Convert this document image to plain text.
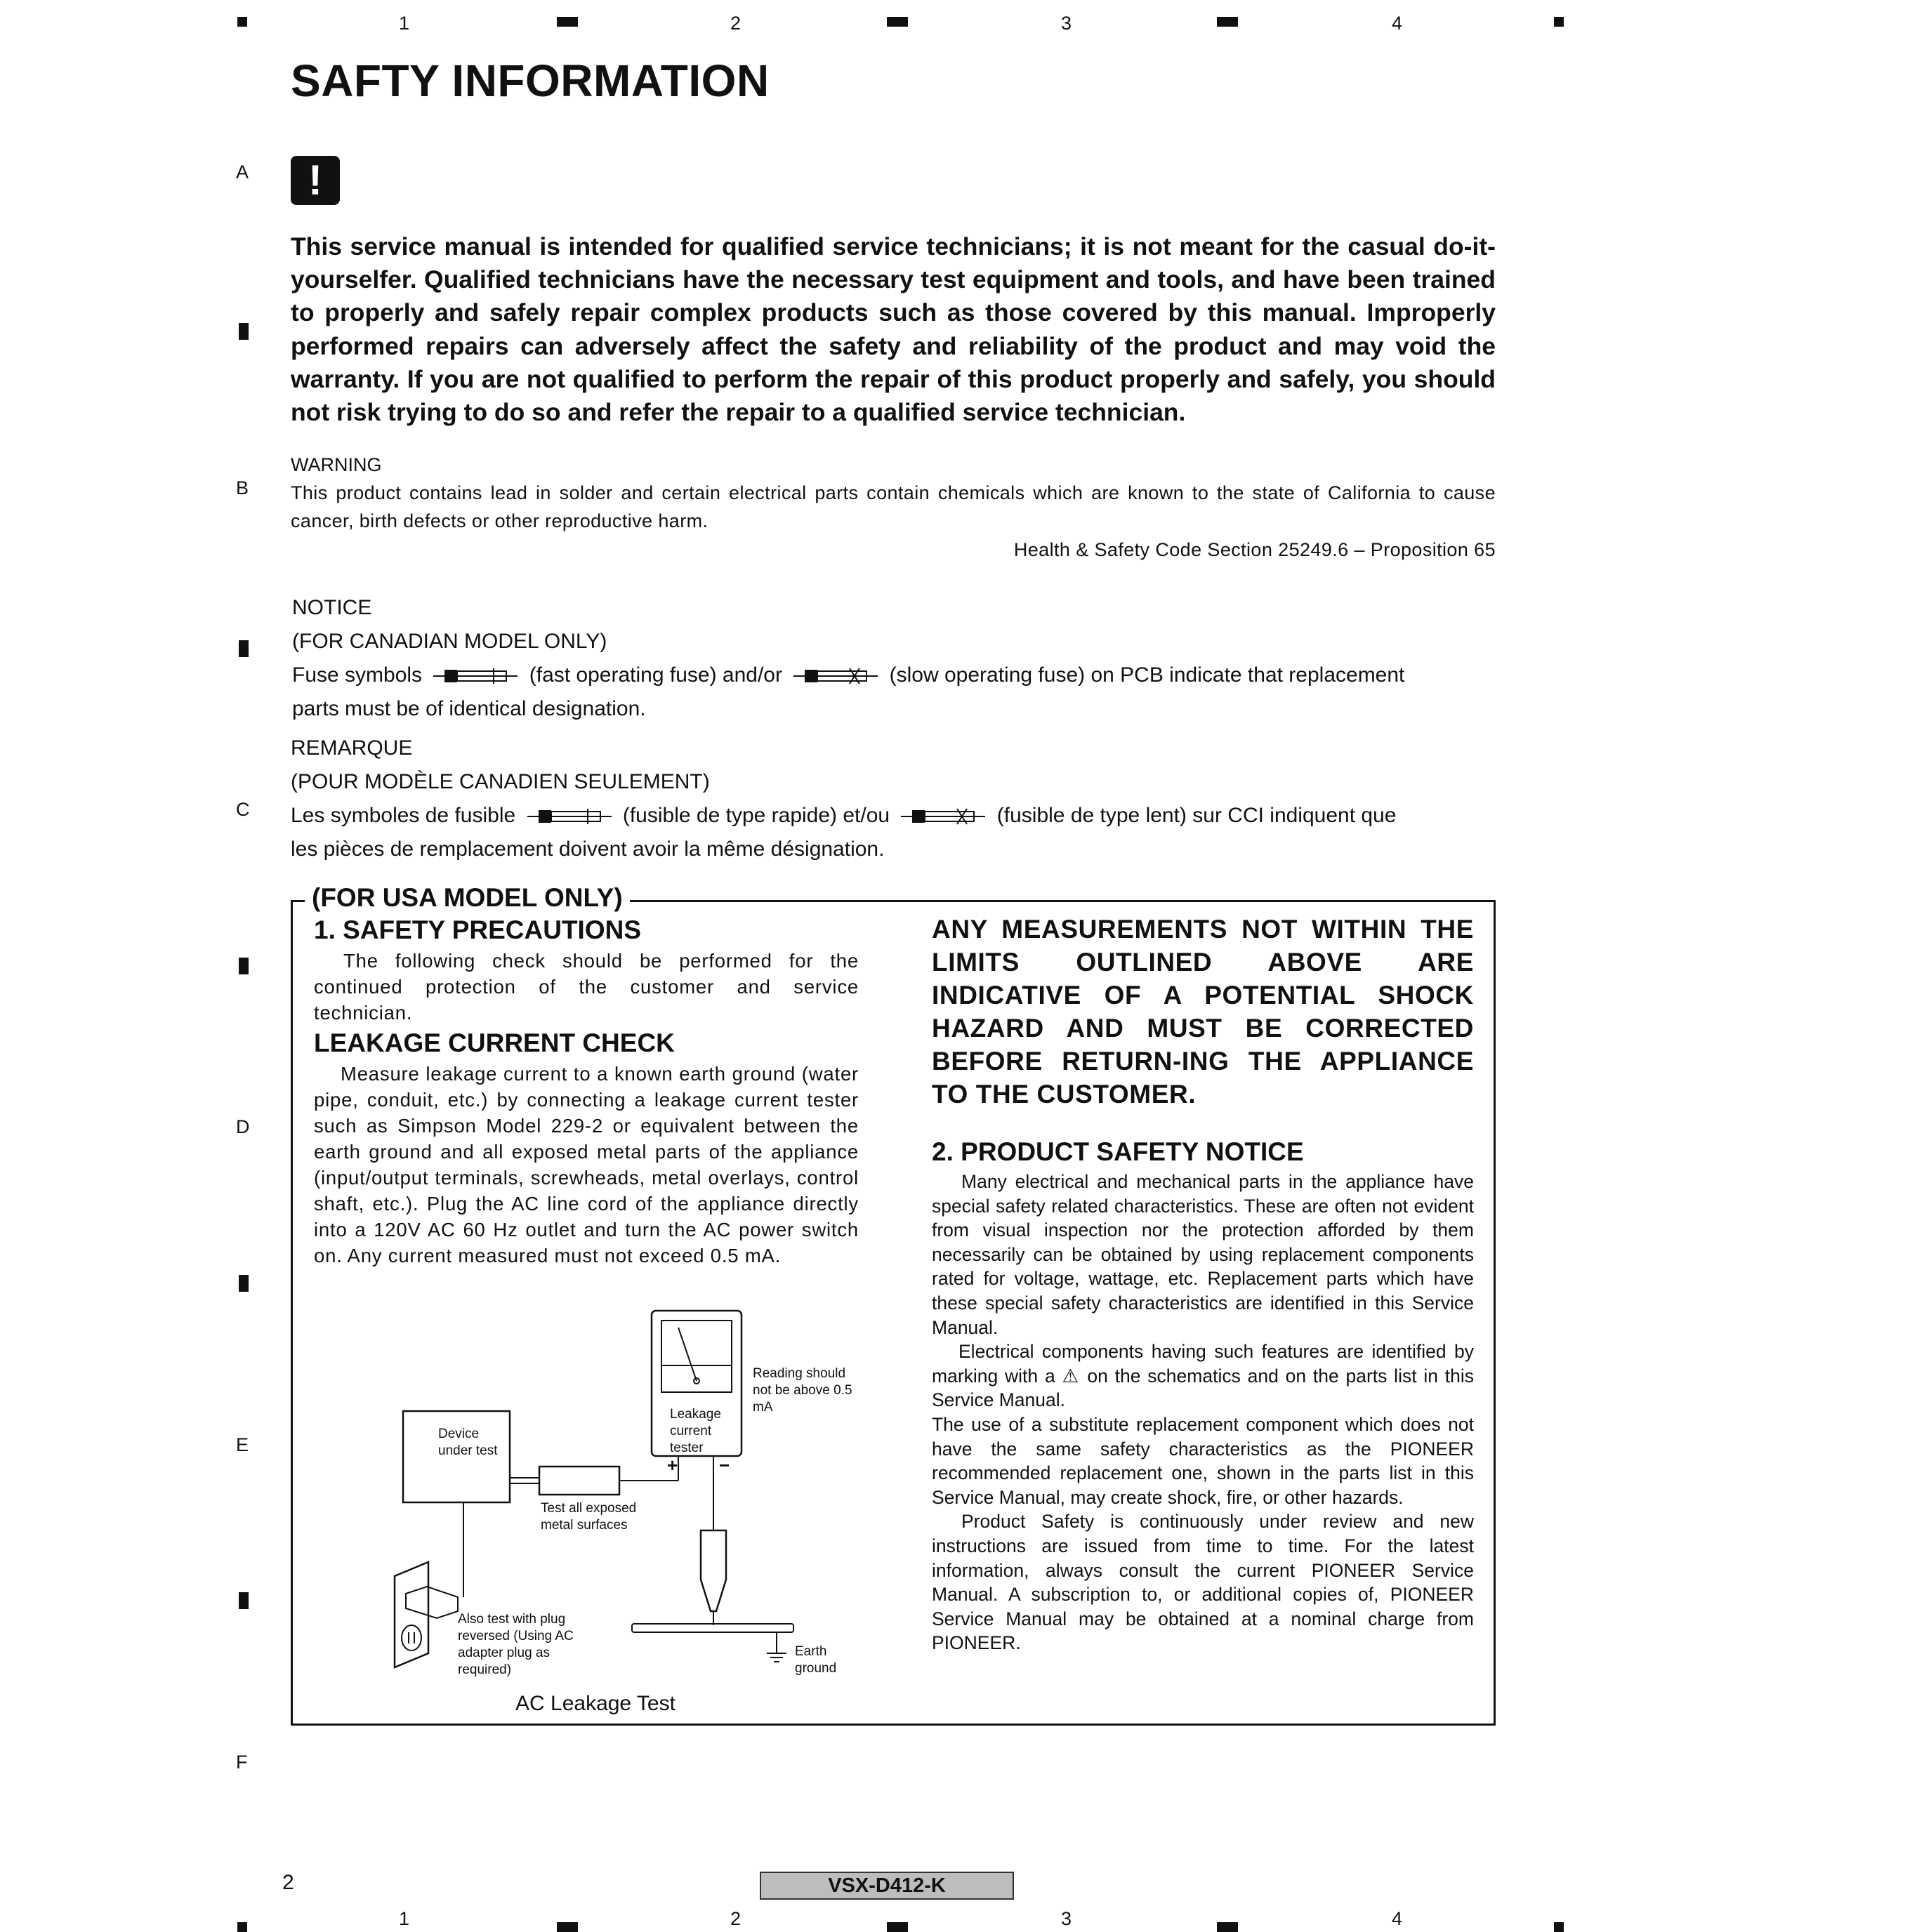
1	2	3	4
1	2	3	4
A
B
C
D
E
F
SAFTY INFORMATION
!

This service manual is intended for qualified service technicians; it is not meant for the casual do-it-yourselfer. Qualified technicians have the necessary test equipment and tools, and have been trained to properly and safely repair complex products such as those covered by this manual. Improperly performed repairs can adversely affect the safety and reliability of the product and may void the warranty. If you are not qualified to perform the repair of this product properly and safely, you should not risk trying to do so and refer the repair to a qualified service technician.

WARNING

This product contains lead in solder and certain electrical parts contain chemicals which are known to the state of California to cause cancer, birth defects or other reproductive harm.

Health & Safety Code Section 25249.6 – Proposition 65

NOTICE

(FOR CANADIAN MODEL ONLY)

Fuse symbols	(fast operating fuse) and/or	(slow operating fuse) on PCB indicate that replacement

parts must be of identical designation.

REMARQUE

(POUR MODÈLE CANADIEN SEULEMENT)

Les symboles de fusible	(fusible de type rapide) et/ou	(fusible de type lent) sur CCI indiquent que

les pièces de remplacement doivent avoir la même désignation.

(FOR USA MODEL ONLY)

1. SAFETY PRECAUTIONS

The following check should be performed for the continued protection of the customer and service technician.

LEAKAGE CURRENT CHECK

Measure leakage current to a known earth ground (water pipe, conduit, etc.) by connecting a leakage current tester such as Simpson Model 229-2 or equivalent between the earth ground and all exposed metal parts of the appliance (input/output terminals, screwheads, metal overlays, control shaft, etc.). Plug the AC line cord of the appliance directly into a 120V AC 60 Hz outlet and turn the AC power switch on. Any current measured must not exceed 0.5 mA.

ANY MEASUREMENTS NOT WITHIN THE LIMITS OUTLINED ABOVE ARE INDICATIVE OF A POTENTIAL SHOCK HAZARD AND MUST BE CORRECTED BEFORE RETURN-ING THE APPLIANCE TO THE CUSTOMER.

2. PRODUCT SAFETY NOTICE

Many electrical and mechanical parts in the appliance have special safety related characteristics. These are often not evident from visual inspection nor the protection afforded by them necessarily can be obtained by using replacement components rated for voltage, wattage, etc. Replacement parts which have these special safety characteristics are identified in this Service Manual.

Electrical components having such features are identified by marking with a ⚠ on the schematics and on the parts list in this Service Manual.

The use of a substitute replacement component which does not have the same safety characteristics as the PIONEER recommended replacement one, shown in the parts list in this Service Manual, may create shock, fire, or other hazards.

Product Safety is continuously under review and new instructions are issued from time to time. For the latest information, always consult the current PIONEER Service Manual. A subscription to, or additional copies of, PIONEER Service Manual may be obtained at a nominal charge from PIONEER.

Device under test
Leakage current tester
Reading should not be above 0.5 mA
Test all exposed metal surfaces
Also test with plug reversed (Using AC adapter plug as required)
Earth ground
+ −
AC Leakage Test
2	VSX-D412-K
